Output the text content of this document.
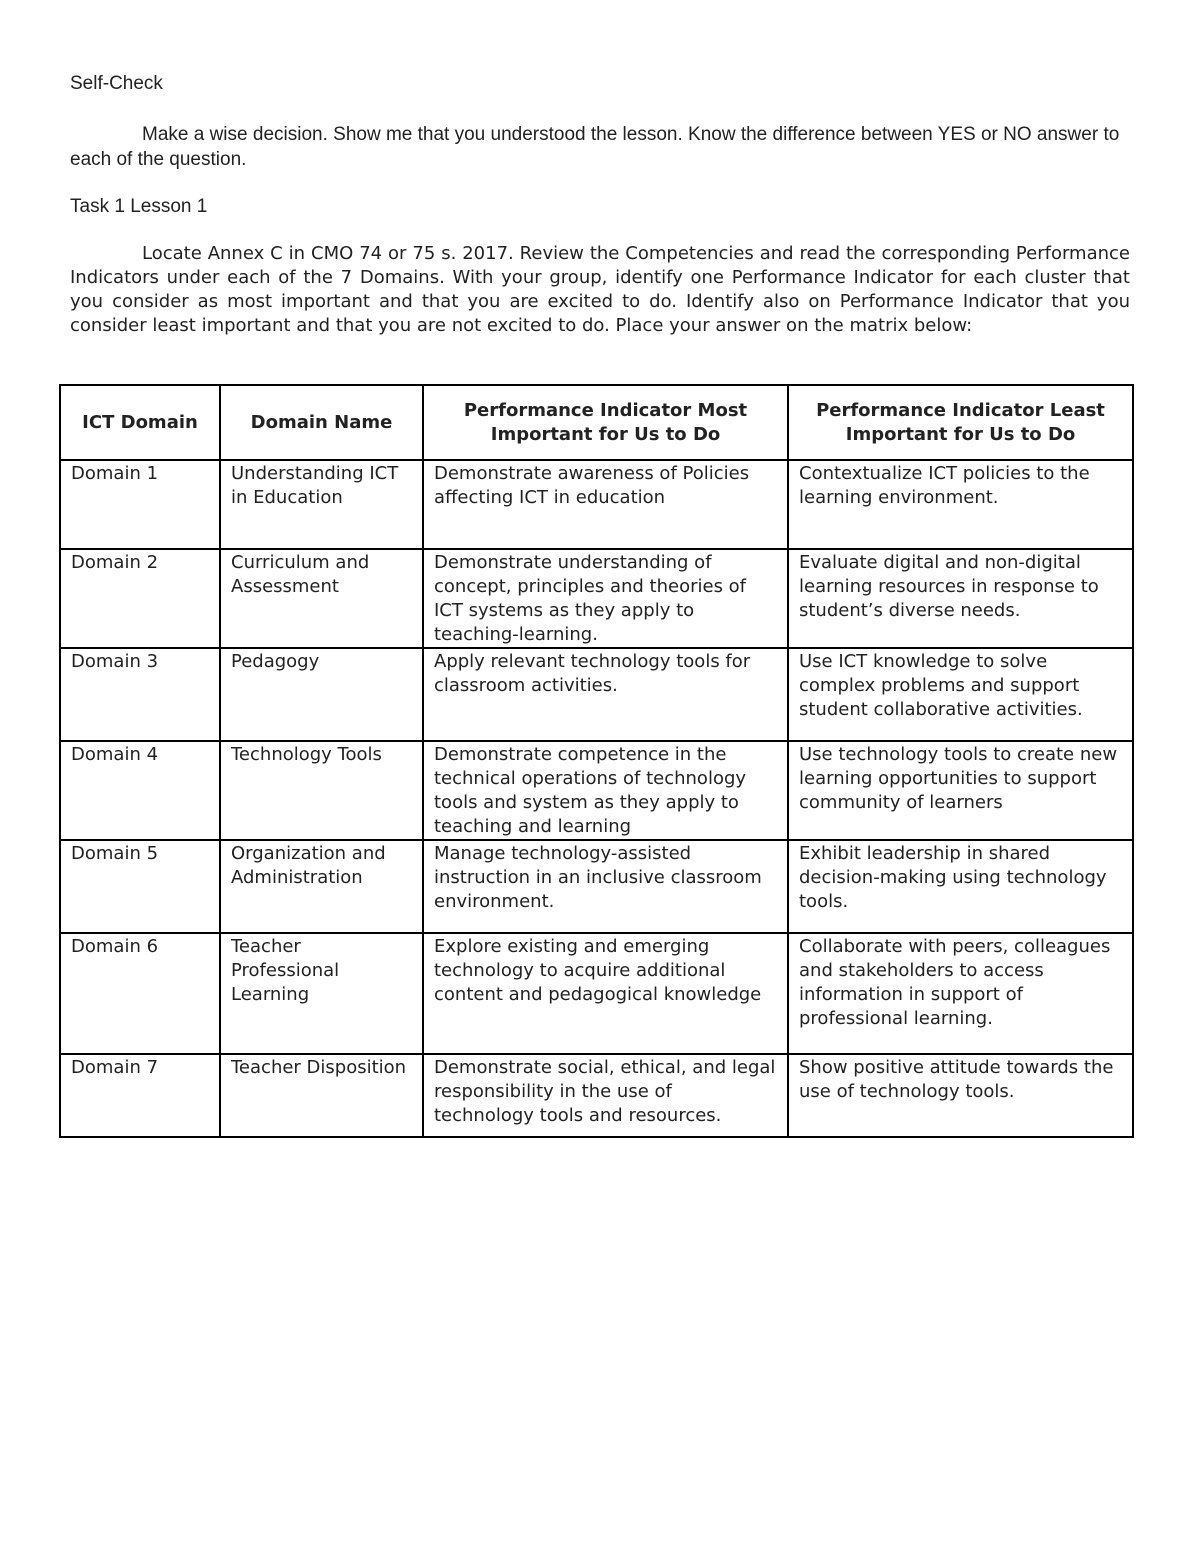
Self-Check
Make a wise decision. Show me that you understood the lesson. Know the difference between YES or NO answer to each of the question.
Task 1 Lesson 1
Locate Annex C in CMO 74 or 75 s. 2017. Review the Competencies and read the corresponding Performance Indicators under each of the 7 Domains. With your group, identify one Performance Indicator for each cluster that you consider as most important and that you are excited to do. Identify also on Performance Indicator that you consider least important and that you are not excited to do. Place your answer on the matrix below:
ICT Domain	Domain Name	Performance Indicator Most Important for Us to Do	Performance Indicator Least Important for Us to Do
Domain 1	Understanding ICT in Education	Demonstrate awareness of Policies affecting ICT in education	Contextualize ICT policies to the learning environment.
Domain 2	Curriculum and Assessment	Demonstrate understanding of concept, principles and theories of ICT systems as they apply to teaching-learning.	Evaluate digital and non-digital learning resources in response to student’s diverse needs.
Domain 3	Pedagogy	Apply relevant technology tools for classroom activities.	Use ICT knowledge to solve complex problems and support student collaborative activities.
Domain 4	Technology Tools	Demonstrate competence in the technical operations of technology tools and system as they apply to teaching and learning	Use technology tools to create new learning opportunities to support community of learners
Domain 5	Organization and Administration	Manage technology-assisted instruction in an inclusive classroom environment.	Exhibit leadership in shared decision-making using technology tools.
Domain 6	Teacher Professional Learning	Explore existing and emerging technology to acquire additional content and pedagogical knowledge	Collaborate with peers, colleagues and stakeholders to access information in support of professional learning.
Domain 7	Teacher Disposition	Demonstrate social, ethical, and legal responsibility in the use of technology tools and resources.	Show positive attitude towards the use of technology tools.
